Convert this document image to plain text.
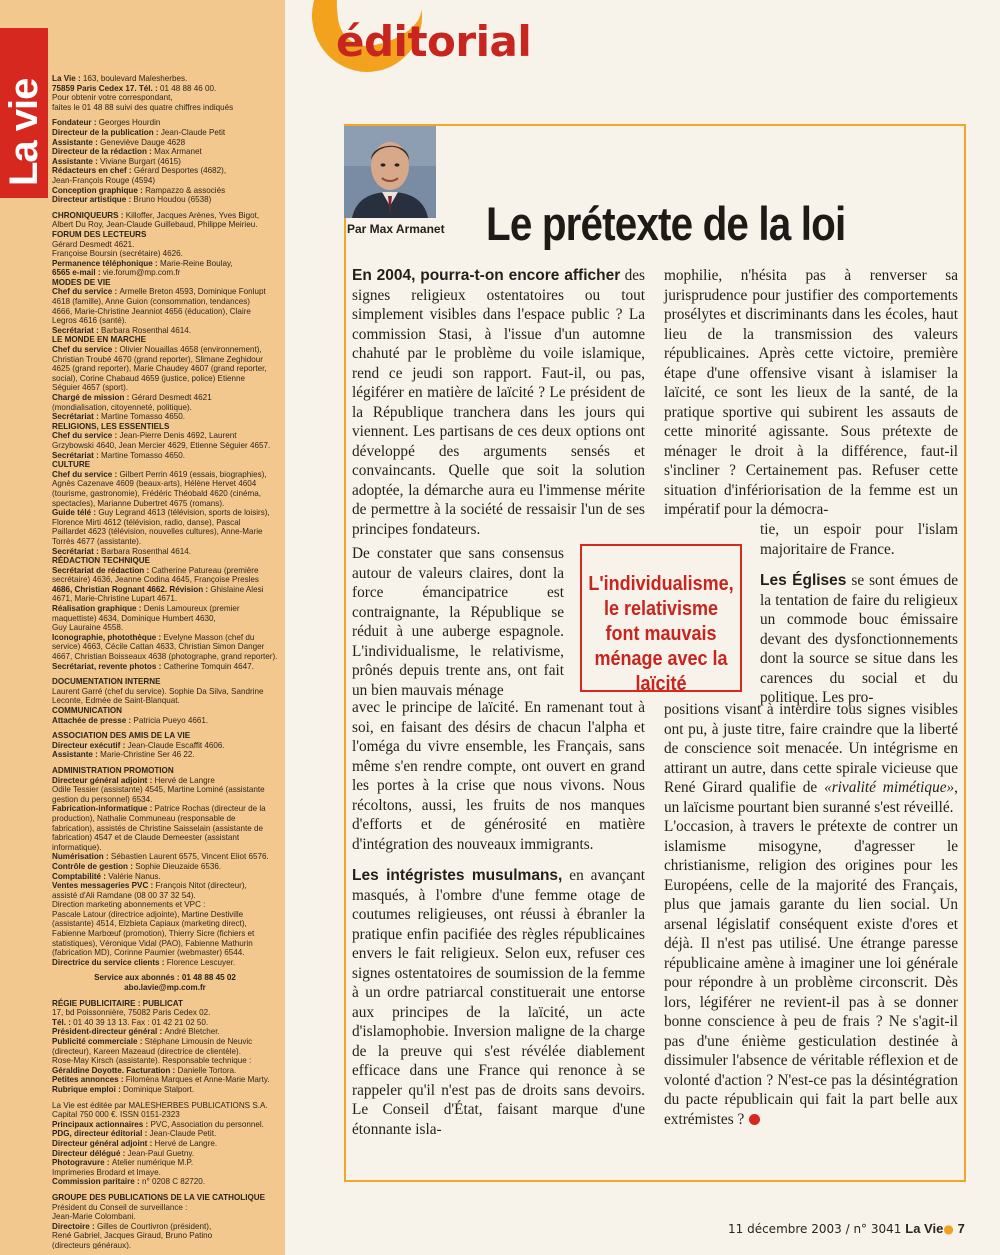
La vie
La Vie : 163, boulevard Malesherbes.
75859 Paris Cedex 17. Tél. : 01 48 88 46 00.
Pour obtenir votre correspondant,
faites le 01 48 88 suivi des quatre chiffres indiqués
Fondateur : Georges Hourdin
Directeur de la publication : Jean-Claude Petit
Assistante : Geneviève Dauge 4628
Directeur de la rédaction : Max Armanet
Assistante : Viviane Burgart (4615)
Rédacteurs en chef : Gérard Desportes (4682),
Jean-François Rouge (4594)
Conception graphique : Rampazzo & associés
Directeur artistique : Bruno Houdou (6538)
CHRONIQUEURS : Killoffer, Jacques Arènes, Yves Bigot,
Albert Du Roy, Jean-Claude Guillebaud, Philippe Meirieu.
FORUM DES LECTEURS
Gérard Desmedt 4621.
Françoise Boursin (secrétaire) 4626.
Permanence téléphonique : Marie-Reine Boulay,
6565 e-mail : vie.forum@mp.com.fr
MODES DE VIE
Chef du service : Armelle Breton 4593, Dominique Fonlupt
4618 (famille), Anne Guion (consommation, tendances)
4666, Marie-Christine Jeanniot 4656 (éducation), Claire
Legros 4616 (santé).
Secrétariat : Barbara Rosenthal 4614.
LE MONDE EN MARCHE
Chef du service : Olivier Nouaillas 4658 (environnement),
Christian Troubé 4670 (grand reporter), Slimane Zeghidour
4625 (grand reporter), Marie Chaudey 4607 (grand reporter,
social), Corine Chabaud 4659 (justice, police) Etienne
Séguier 4657 (sport).
Chargé de mission : Gérard Desmedt 4621
(mondialisation, citoyenneté, politique).
Secrétariat : Martine Tomasso 4650.
RELIGIONS, LES ESSENTIELS
Chef du service : Jean-Pierre Denis 4692, Laurent
Grzybowski 4640, Jean Mercier 4629, Etienne Séguier 4657.
Secrétariat : Martine Tomasso 4650.
CULTURE
Chef du service : Gilbert Perrin 4619 (essais, biographies),
Agnès Cazenave 4609 (beaux-arts), Hélène Hervet 4604
(tourisme, gastronomie), Frédéric Théobald 4620 (cinéma,
spectacles), Marianne Dubertret 4675 (romans).
Guide télé : Guy Legrand 4613 (télévision, sports de loisirs),
Florence Mirti 4612 (télévision, radio, danse), Pascal
Paillardet 4623 (télévision, nouvelles cultures), Anne-Marie
Torrès 4677 (assistante).
Secrétariat : Barbara Rosenthal 4614.
RÉDACTION TECHNIQUE
Secrétariat de rédaction : Catherine Patureau (première
secrétaire) 4636, Jeanne Codina 4645, Françoise Presles
4686, Christian Rognant 4662. Révision : Ghislaine Alesi
4671, Marie-Christine Lupart 4671.
Réalisation graphique : Denis Lamoureux (premier
maquettiste) 4634, Dominique Humbert 4630,
Guy Lauraine 4558.
Iconographie, photothèque : Evelyne Masson (chef du
service) 4663, Cécile Cattan 4633, Christian Simon Danger
4667, Christian Boisseaux 4638 (photographe, grand reporter).
Secrétariat, revente photos : Catherine Tomquin 4647.
DOCUMENTATION INTERNE
Laurent Garré (chef du service). Sophie Da Silva, Sandrine
Leconte, Edmée de Saint-Blanquat.
COMMUNICATION
Attachée de presse : Patricia Pueyo 4661.
ASSOCIATION DES AMIS DE LA VIE
Directeur exécutif : Jean-Claude Escaffit 4606.
Assistante : Marie-Christine Ser 46 22.
ADMINISTRATION PROMOTION
Directeur général adjoint : Hervé de Langre
Odile Tessier (assistante) 4545, Martine Lominé (assistante
gestion du personnel) 6534.
Fabrication-informatique : Patrice Rochas (directeur de la
production), Nathalie Communeau (responsable de
fabrication), assistés de Christine Saisselain (assistante de
fabrication) 4547 et de Claude Demeester (assistant
informatique).
Numérisation : Sébastien Laurent 6575, Vincent Eliot 6576.
Contrôle de gestion : Sophie Dieuzaide 6536.
Comptabilité : Valérie Nanus.
Ventes messageries PVC : François Nitot (directeur),
assisté d'Ali Ramdane (08 00 37 32 54).
Direction marketing abonnements et VPC :
Pascale Latour (directrice adjointe), Martine Destiville
(assistante) 4514, Elzbieta Capiaux (marketing direct),
Fabienne Marbœuf (promotion), Thierry Sicre (fichiers et
statistiques), Véronique Vidal (PAO), Fabienne Mathurin
(fabrication MD), Corinne Paumier (webmaster) 6544.
Directrice du service clients : Florence Lescuyer.
Service aux abonnés : 01 48 88 45 02
abo.lavie@mp.com.fr
RÉGIE PUBLICITAIRE : PUBLICAT
17, bd Poissonnière, 75082 Paris Cedex 02.
Tél. : 01 40 39 13 13. Fax : 01 42 21 02 50.
Président-directeur général : André Bletcher.
Publicité commerciale : Stéphane Limousin de Neuvic
(directeur), Kareen Mazeaud (directrice de clientèle).
Rose-May Kirsch (assistante). Responsable technique :
Géraldine Doyotte. Facturation : Danielle Tortora.
Petites annonces : Filomèna Marques et Anne-Marie Marty.
Rubrique emploi : Dominique Stalport.
La Vie est éditée par MALESHERBES PUBLICATIONS S.A.
Capital 750 000 €. ISSN 0151-2323
Principaux actionnaires : PVC, Association du personnel.
PDG, directeur éditorial : Jean-Claude Petit.
Directeur général adjoint : Hervé de Langre.
Directeur délégué : Jean-Paul Guetny.
Photogravure : Atelier numérique M.P.
Imprimeries Brodard et Imaye.
Commission paritaire : n° 0208 C 82720.
GROUPE DES PUBLICATIONS DE LA VIE CATHOLIQUE
Président du Conseil de surveillance :
Jean-Marie Colombani.
Directoire : Gilles de Courtivron (président),
René Gabriel, Jacques Giraud, Bruno Patino
(directeurs généraux).
éditorial
Par Max Armanet Le prétexte de la loi

En 2004, pourra-t-on encore afficher des signes religieux ostentatoires ou tout simplement visibles dans l'espace public ? La commission Stasi, à l'issue d'un automne chahuté par le problème du voile islamique, rend ce jeudi son rapport. Faut-il, ou pas, légiférer en matière de laïcité ? Le président de la République tranchera dans les jours qui viennent. Les partisans de ces deux options ont développé des arguments sensés et convaincants. Quelle que soit la solution adoptée, la démarche aura eu l'immense mérite de permettre à la société de ressaisir l'un de ses principes fondateurs.

De constater que sans consensus autour de valeurs claires, dont la force émancipatrice est contraignante, la République se réduit à une auberge espagnole. L'individualisme, le relativisme, prônés depuis trente ans, ont fait un bien mauvais ménage

avec le principe de laïcité. En ramenant tout à soi, en faisant des désirs de chacun l'alpha et l'oméga du vivre ensemble, les Français, sans même s'en rendre compte, ont ouvert en grand les portes à la crise que nous vivons. Nous récoltons, aussi, les fruits de nos manques d'efforts et de générosité en matière d'intégration des nouveaux immigrants.

Les intégristes musulmans, en avançant masqués, à l'ombre d'une femme otage de coutumes religieuses, ont réussi à ébranler la pratique enfin pacifiée des règles républicaines envers le fait religieux. Selon eux, refuser ces signes ostentatoires de soumission de la femme à un ordre patriarcal constituerait une entorse aux principes de la laïcité, un acte d'islamophobie. Inversion maligne de la charge de la preuve qui s'est révélée diablement efficace dans une France qui renonce à se rappeler qu'il n'est pas de droits sans devoirs. Le Conseil d'État, faisant marque d'une étonnante isla-

mophilie, n'hésita pas à renverser sa jurisprudence pour justifier des comportements prosélytes et discriminants dans les écoles, haut lieu de la transmission des valeurs républicaines. Après cette victoire, première étape d'une offensive visant à islamiser la laïcité, ce sont les lieux de la santé, de la pratique sportive qui subirent les assauts de cette minorité agissante. Sous prétexte de ménager le droit à la différence, faut-il s'incliner ? Certainement pas. Refuser cette situation d'infériorisation de la femme est un impératif pour la démocra-

tie, un espoir pour l'islam majoritaire de France.

Les Églises se sont émues de la tentation de faire du religieux un commode bouc émissaire devant des dysfonctionnements dont la source se situe dans les carences du social et du politique. Les pro-

positions visant à interdire tous signes visibles ont pu, à juste titre, faire craindre que la liberté de conscience soit menacée. Un intégrisme en attirant un autre, dans cette spirale vicieuse que René Girard qualifie de «rivalité mimétique», un laïcisme pourtant bien suranné s'est réveillé.

L'occasion, à travers le prétexte de contrer un islamisme misogyne, d'agresser le christianisme, religion des origines pour les Européens, celle de la majorité des Français, plus que jamais garante du lien social. Un arsenal législatif conséquent existe d'ores et déjà. Il n'est pas utilisé. Une étrange paresse républicaine amène à imaginer une loi générale pour répondre à un problème circonscrit. Dès lors, légiférer ne revient-il pas à se donner bonne conscience à peu de frais ? Ne s'agit-il pas d'une énième gesticulation destinée à dissimuler l'absence de véritable réflexion et de volonté d'action ? N'est-ce pas la désintégration du pacte républicain qui fait la part belle aux extrémistes ?

L'individualisme, le relativisme font mauvais ménage avec la laïcité
11 décembre 2003 / n° 3041 La Vie● 7
